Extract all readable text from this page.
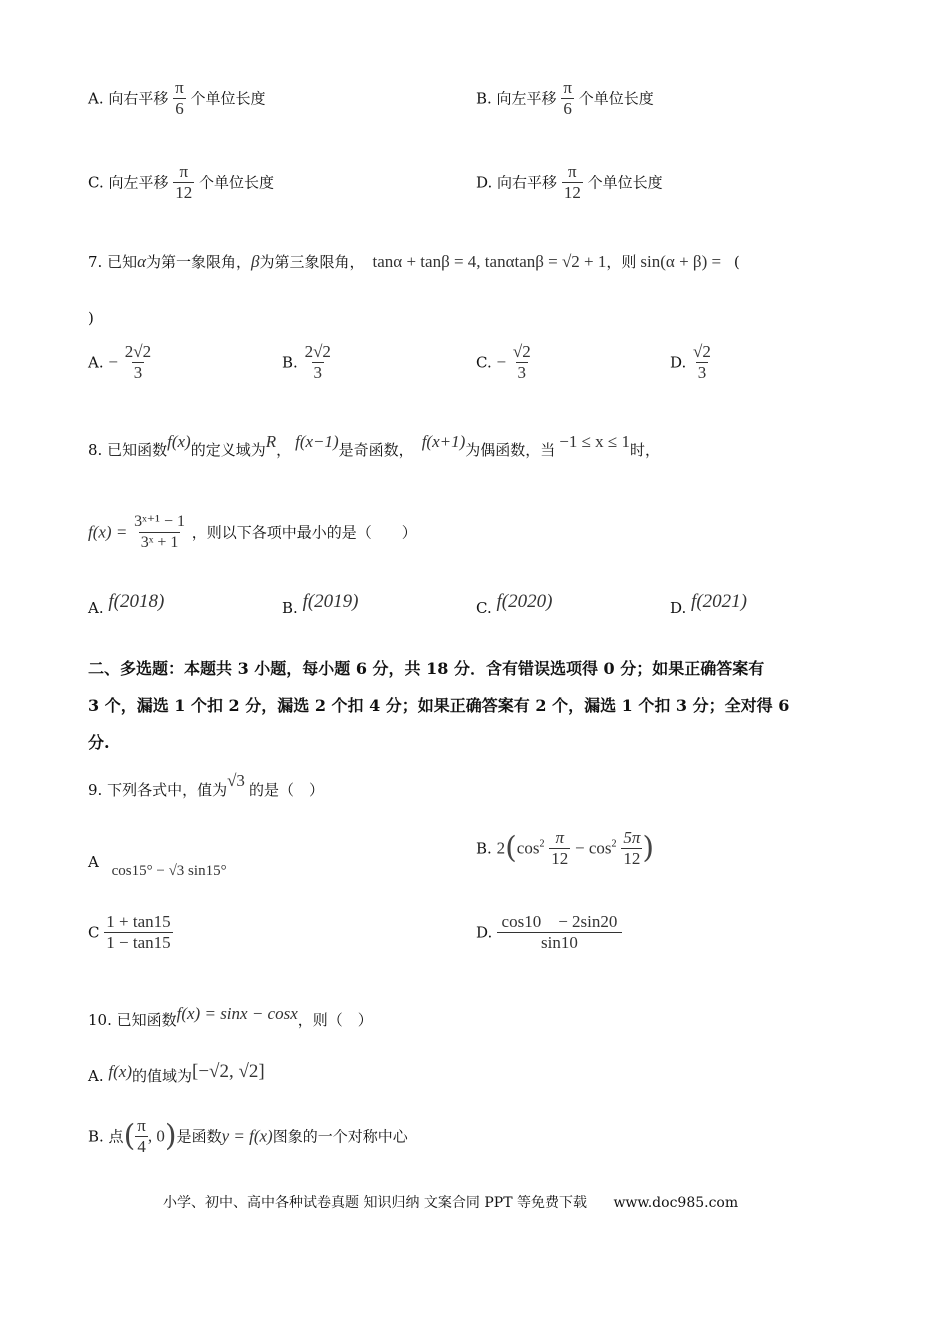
A. 向右平移 $\frac{\pi}{6}$ 个单位长度	B. 向左平移 $\frac{\pi}{6}$ 个单位长度
C. 向左平移 $\frac{\pi}{12}$ 个单位长度	D. 向右平移 $\frac{\pi}{12}$ 个单位长度
7. 已知α为第一象限角，β为第三象限角， tanα + tanβ = 4, tanαtanβ = √2 + 1，则 sin(α + β) = (
)
A. − $\frac{2√2}{3}$	B. $\frac{2√2}{3}$	C. − $\frac{√2}{3}$	D. $\frac{√2}{3}$
8. 已知函数f(x)的定义域为R， f(x−1)是奇函数， f(x+1)为偶函数，当 −1 ≤ x ≤ 1时，
$f(x) = \frac{\text{3ˣ⁺¹ − 1}}{\text{3ˣ + 1}}$ ，则以下各项中最小的是（　　）
A. f(2018)	B. f(2019)	C. f(2020)	D. f(2021)
二、多选题：本题共 3 小题，每小题 6 分，共 18 分．含有错误选项得 0 分；如果正确答案有
3 个，漏选 1 个扣 2 分，漏选 2 个扣 4 分；如果正确答案有 2 个，漏选 1 个扣 3 分；全对得 6
分.
9. 下列各式中，值为√3 的是（　）
A cos15° − √3 sin15°
B. $2(\cos^2 \frac{\pi}{12} - \cos^2 \frac{5\pi}{12}$ )
C $\frac{1 + \tan 15}{1 - \tan 15}$	D. $\frac{\cos 10 - 2\sin 20}{\sin 10}$
10. 已知函数f(x) = sinx − cosx，则（　）
A. f(x)的值域为[−√2, √2]
B. 点( $\frac{\pi}{4}$ , 0)是函数y = f(x)图象的一个对称中心
小学、初中、高中各种试卷真题 知识归纳 文案合同 PPT 等免费下载 www.doc985.com
